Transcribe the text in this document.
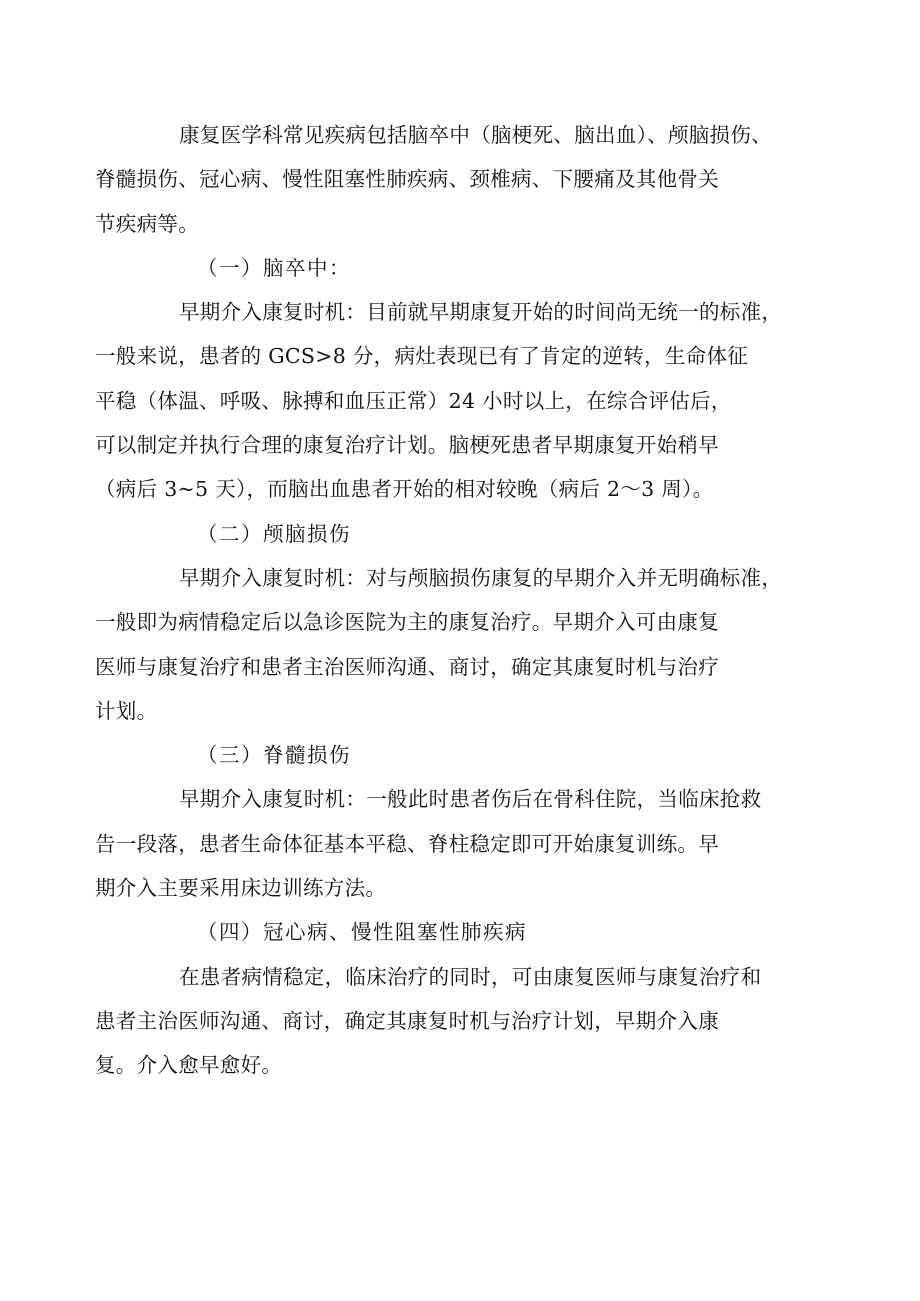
康复医学科常见疾病包括脑卒中（脑梗死、脑出血）、颅脑损伤、
脊髓损伤、冠心病、慢性阻塞性肺疾病、颈椎病、下腰痛及其他骨关
节疾病等。

（一）脑卒中：

早期介入康复时机：目前就早期康复开始的时间尚无统一的标准，
一般来说，患者的 GCS>8 分，病灶表现已有了肯定的逆转，生命体征
平稳（体温、呼吸、脉搏和血压正常）24 小时以上，在综合评估后，
可以制定并执行合理的康复治疗计划。脑梗死患者早期康复开始稍早
（病后 3~5 天），而脑出血患者开始的相对较晚（病后 2～3 周）。

（二）颅脑损伤

早期介入康复时机：对与颅脑损伤康复的早期介入并无明确标准，
一般即为病情稳定后以急诊医院为主的康复治疗。早期介入可由康复
医师与康复治疗和患者主治医师沟通、商讨，确定其康复时机与治疗
计划。

（三）脊髓损伤

早期介入康复时机：一般此时患者伤后在骨科住院，当临床抢救
告一段落，患者生命体征基本平稳、脊柱稳定即可开始康复训练。早
期介入主要采用床边训练方法。

（四）冠心病、慢性阻塞性肺疾病

在患者病情稳定，临床治疗的同时，可由康复医师与康复治疗和
患者主治医师沟通、商讨，确定其康复时机与治疗计划，早期介入康
复。介入愈早愈好。
